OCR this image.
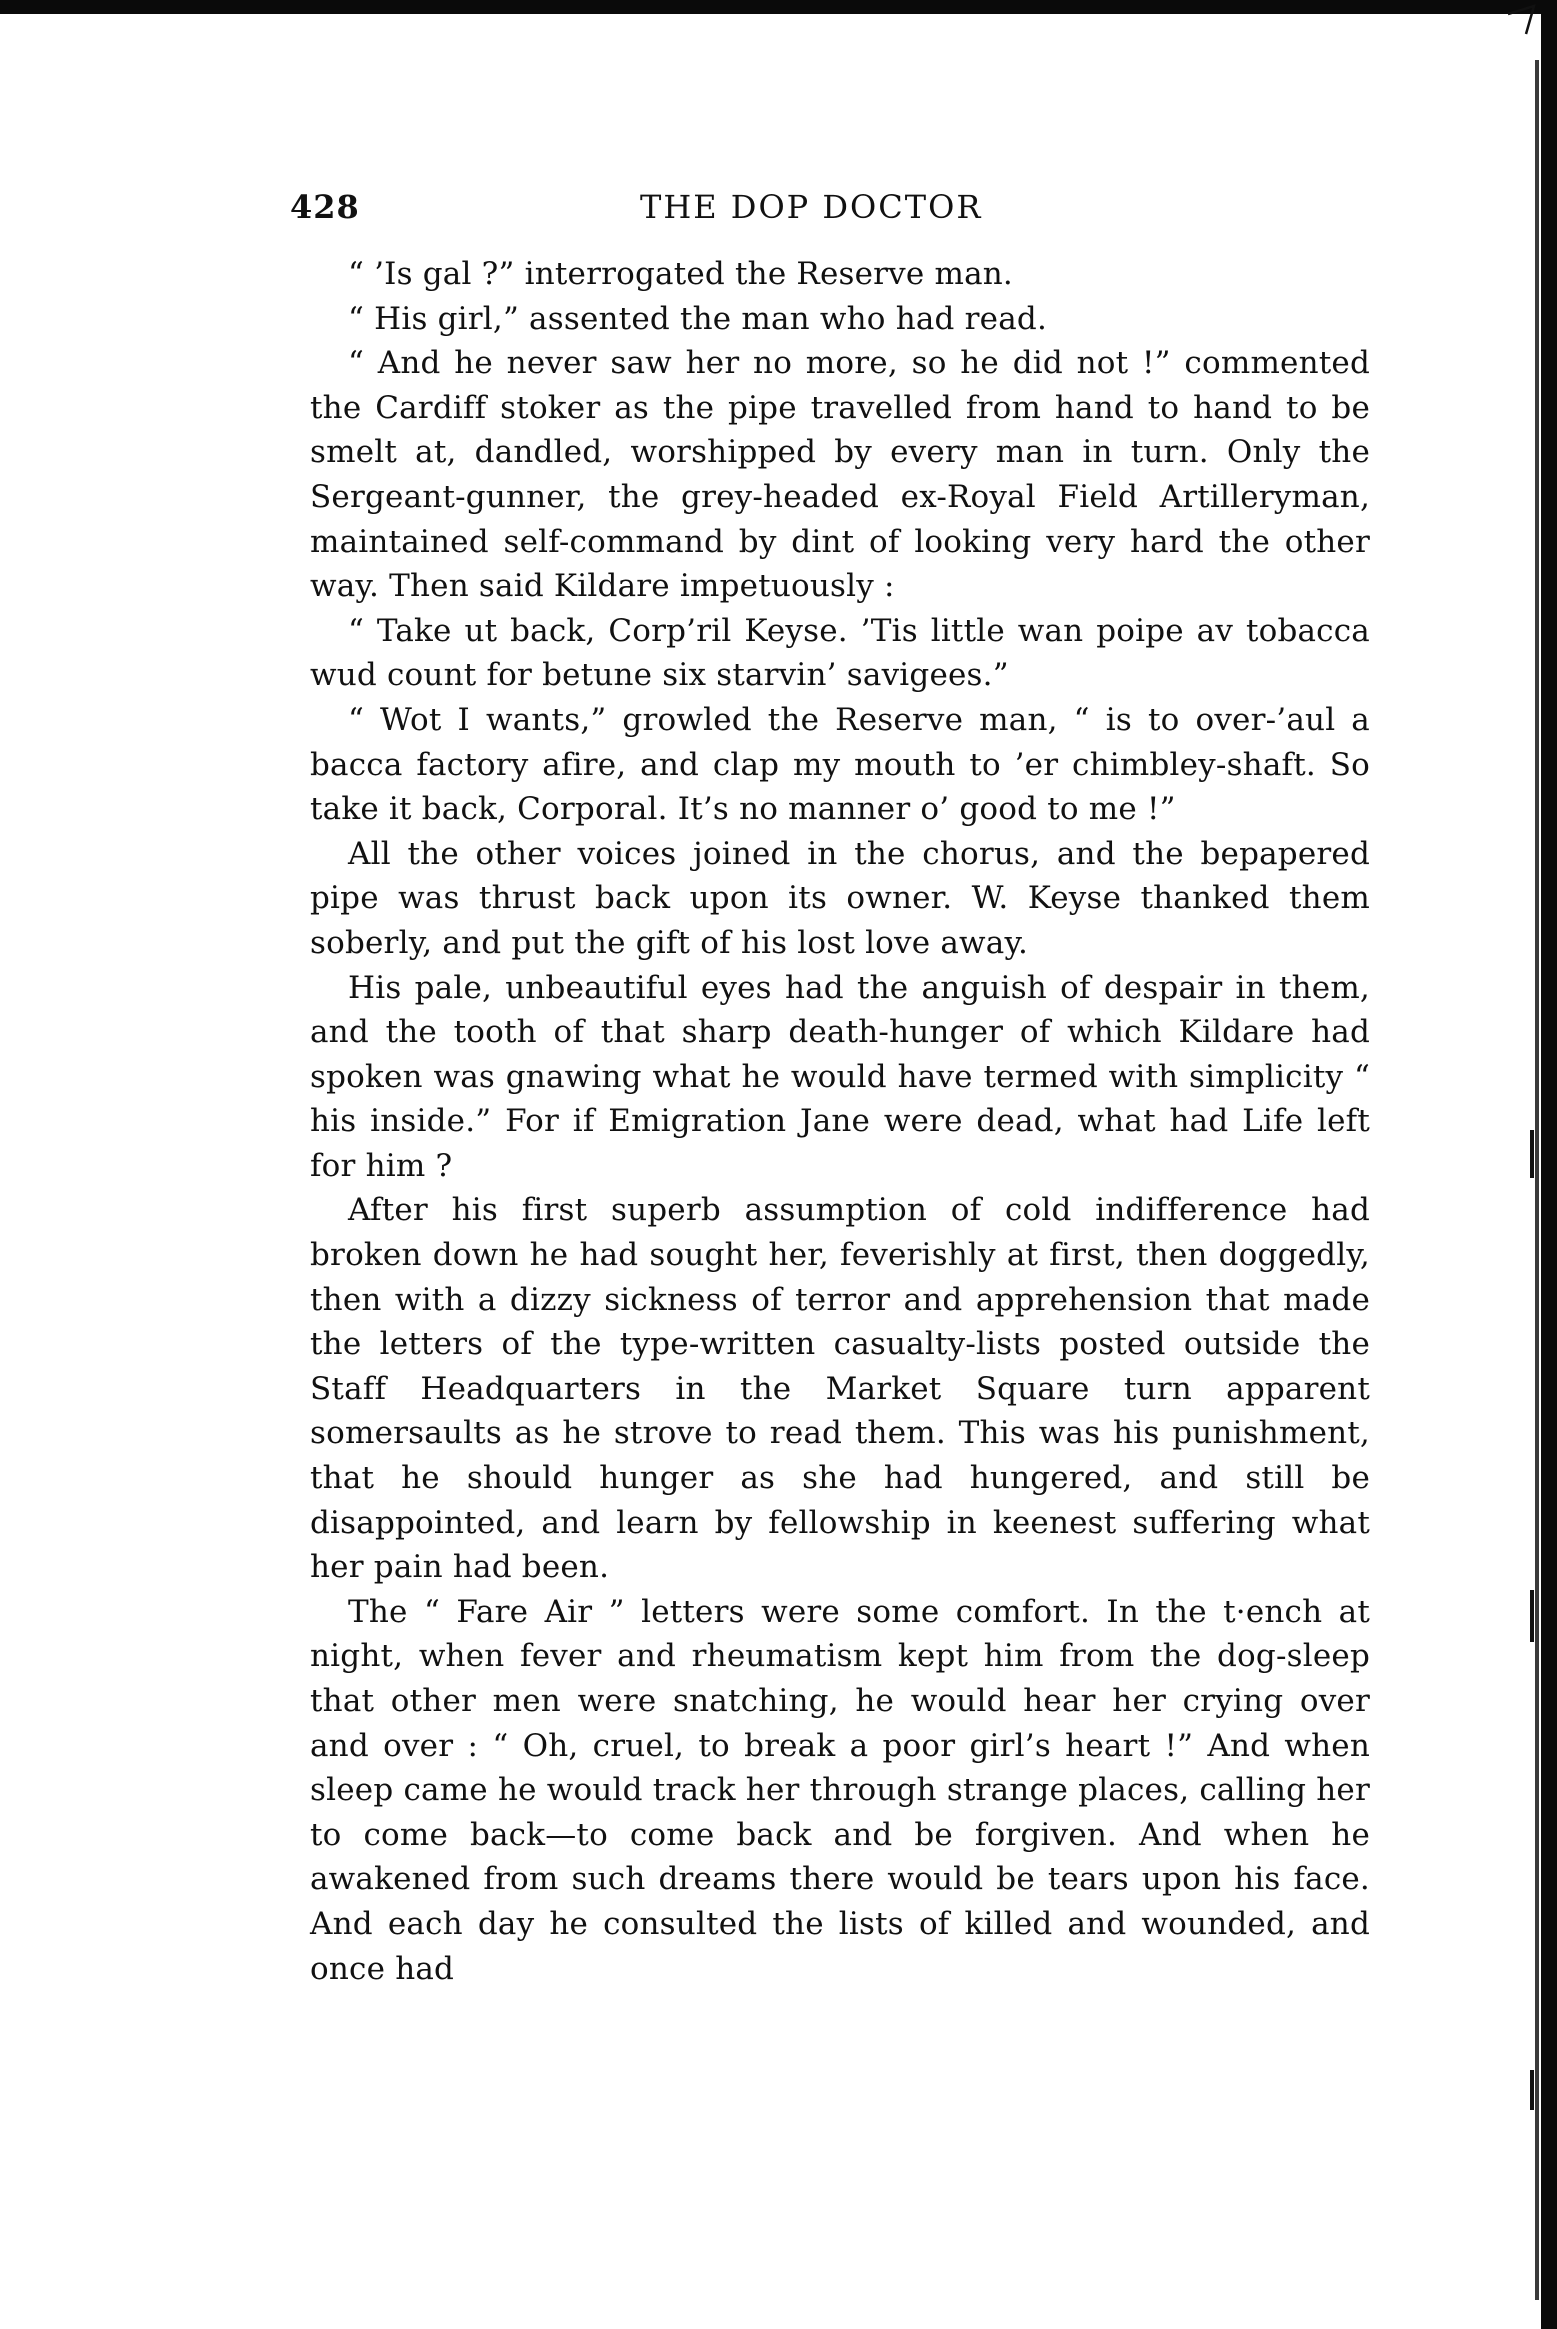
428	THE DOP DOCTOR

“ ’Is gal ?” interrogated the Reserve man.

“ His girl,” assented the man who had read.

“ And he never saw her no more, so he did not !” commented the Cardiff stoker as the pipe travelled from hand to hand to be smelt at, dandled, worshipped by every man in turn. Only the Sergeant-gunner, the grey-headed ex-Royal Field Artilleryman, maintained self-command by dint of looking very hard the other way. Then said Kildare impetuously :

“ Take ut back, Corp’ril Keyse. ’Tis little wan poipe av tobacca wud count for betune six starvin’ savigees.”

“ Wot I wants,” growled the Reserve man, “ is to over-’aul a bacca factory afire, and clap my mouth to ’er chimbley-shaft. So take it back, Corporal. It’s no manner o’ good to me !”

All the other voices joined in the chorus, and the bepapered pipe was thrust back upon its owner. W. Keyse thanked them soberly, and put the gift of his lost love away.

His pale, unbeautiful eyes had the anguish of despair in them, and the tooth of that sharp death-hunger of which Kildare had spoken was gnawing what he would have termed with simplicity “ his inside.” For if Emigration Jane were dead, what had Life left for him ?

After his first superb assumption of cold indifference had broken down he had sought her, feverishly at first, then doggedly, then with a dizzy sickness of terror and apprehension that made the letters of the type-written casualty-lists posted outside the Staff Headquarters in the Market Square turn apparent somersaults as he strove to read them. This was his punishment, that he should hunger as she had hungered, and still be disappointed, and learn by fellowship in keenest suffering what her pain had been.

The “ Fare Air ” letters were some comfort. In the t·ench at night, when fever and rheumatism kept him from the dog-sleep that other men were snatching, he would hear her crying over and over : “ Oh, cruel, to break a poor girl’s heart !” And when sleep came he would track her through strange places, calling her to come back—to come back and be forgiven. And when he awakened from such dreams there would be tears upon his face. And each day he consulted the lists of killed and wounded, and once had
